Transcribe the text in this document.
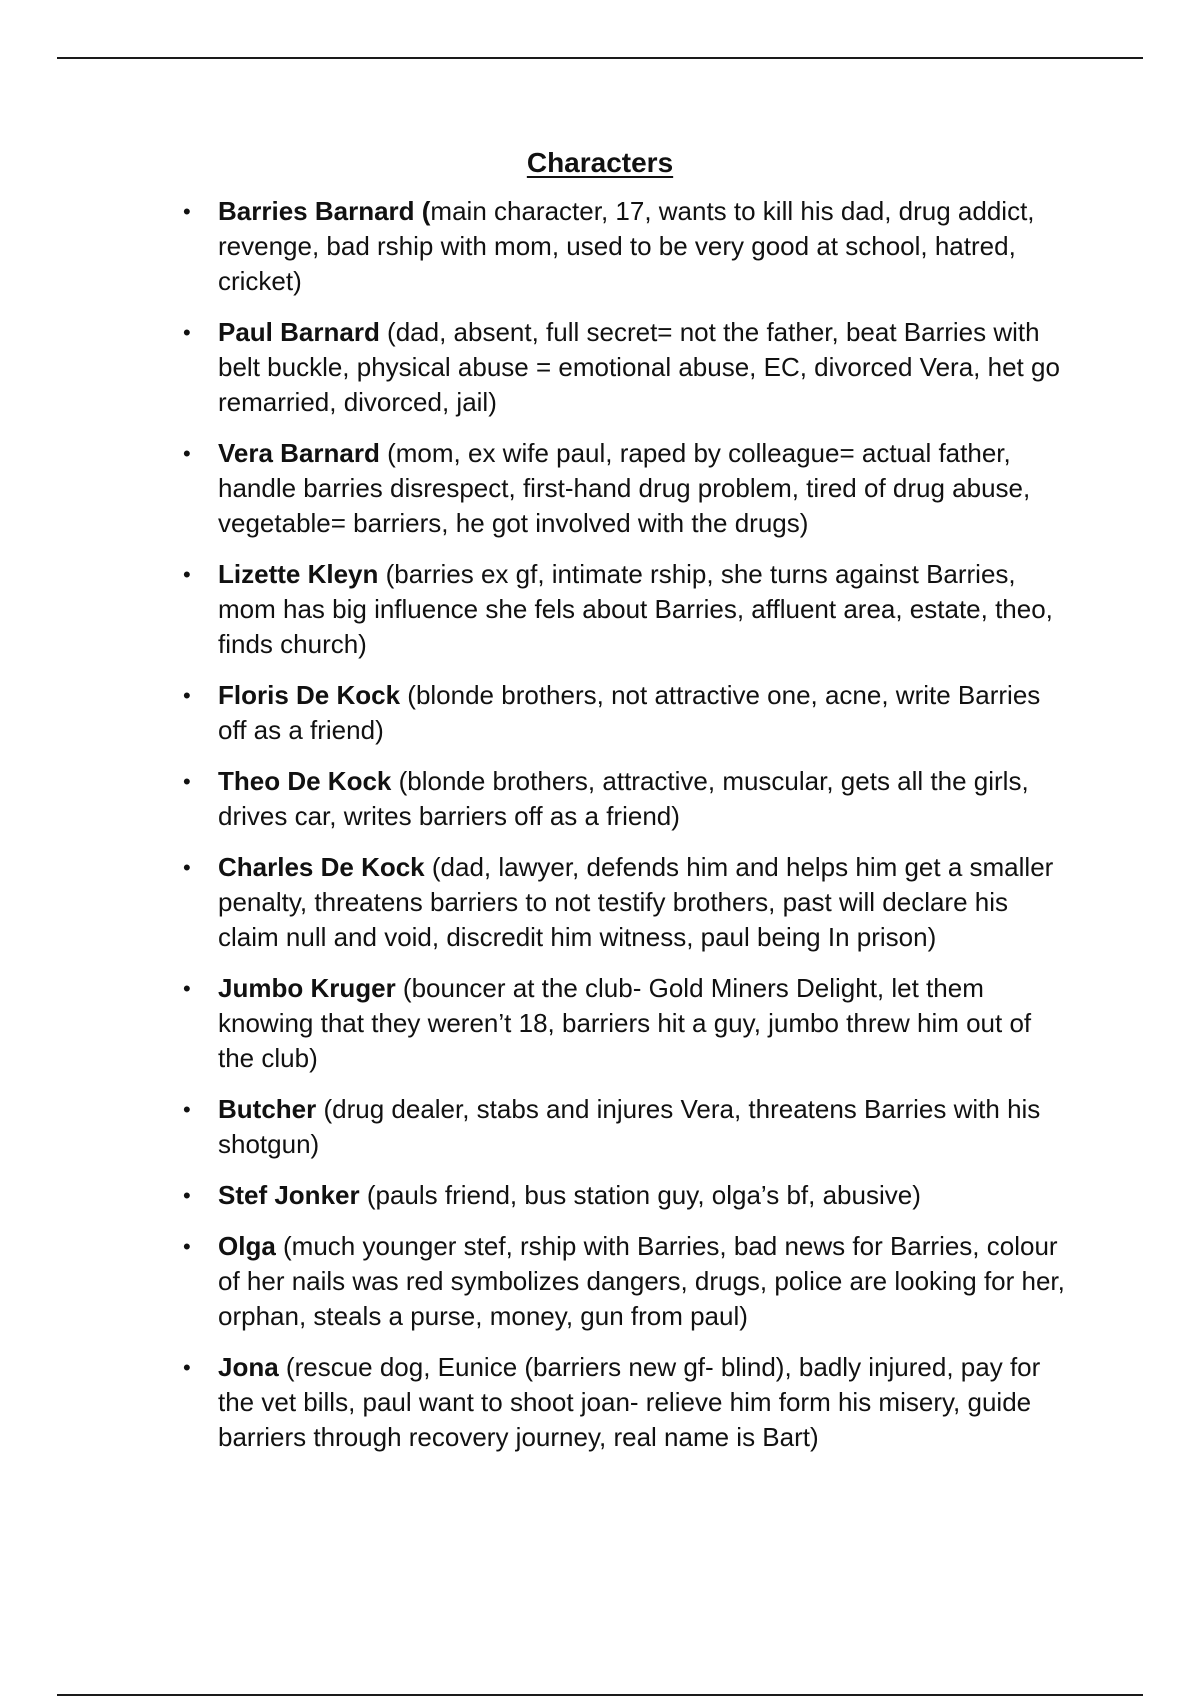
Characters
• Barries Barnard (main character, 17, wants to kill his dad, drug addict, revenge, bad rship with mom, used to be very good at school, hatred, cricket)
• Paul Barnard (dad, absent, full secret= not the father, beat Barries with belt buckle, physical abuse = emotional abuse, EC, divorced Vera, het go remarried, divorced, jail)
• Vera Barnard (mom, ex wife paul, raped by colleague= actual father, handle barries disrespect, first-hand drug problem, tired of drug abuse, vegetable= barriers, he got involved with the drugs)
• Lizette Kleyn (barries ex gf, intimate rship, she turns against Barries, mom has big influence she fels about Barries, affluent area, estate, theo, finds church)
• Floris De Kock (blonde brothers, not attractive one, acne, write Barries off as a friend)
• Theo De Kock (blonde brothers, attractive, muscular, gets all the girls, drives car, writes barriers off as a friend)
• Charles De Kock (dad, lawyer, defends him and helps him get a smaller penalty, threatens barriers to not testify brothers, past will declare his claim null and void, discredit him witness, paul being In prison)
• Jumbo Kruger (bouncer at the club- Gold Miners Delight, let them knowing that they weren’t 18, barriers hit a guy, jumbo threw him out of the club)
• Butcher (drug dealer, stabs and injures Vera, threatens Barries with his shotgun)
• Stef Jonker (pauls friend, bus station guy, olga’s bf, abusive)
• Olga (much younger stef, rship with Barries, bad news for Barries, colour of her nails was red symbolizes dangers, drugs, police are looking for her, orphan, steals a purse, money, gun from paul)
• Jona (rescue dog, Eunice (barriers new gf- blind), badly injured, pay for the vet bills, paul want to shoot joan- relieve him form his misery, guide barriers through recovery journey, real name is Bart)
